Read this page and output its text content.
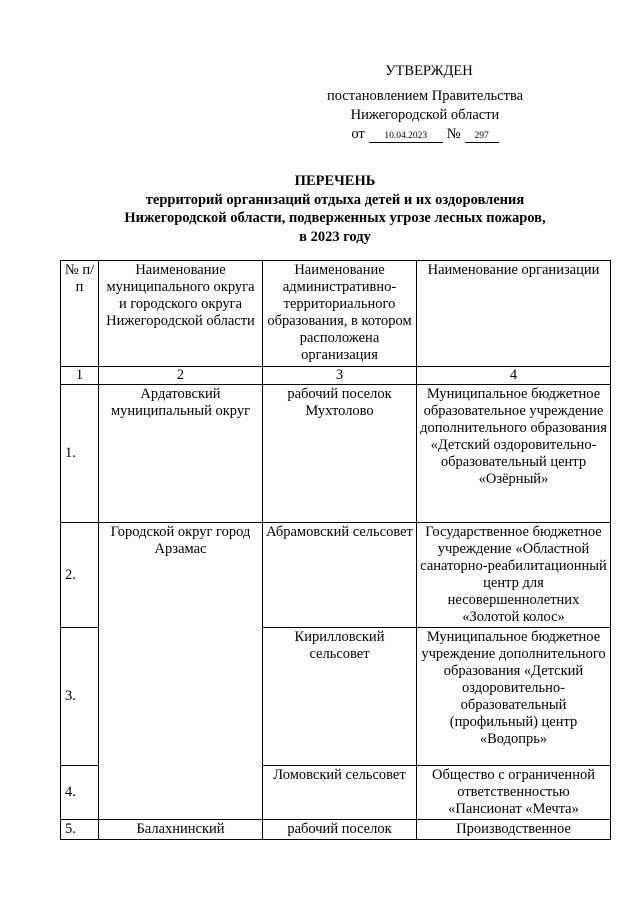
УТВЕРЖДЕН
постановлением Правительства
Нижегородской области
от	10.04.2023	№	297
ПЕРЕЧЕНЬ
территорий организаций отдыха детей и их оздоровления
Нижегородской области, подверженных угрозе лесных пожаров,
в 2023 году
№ п/п	Наименование муниципального округа и городского округа Нижегородской области	Наименование административно-территориального образования, в котором расположена организация	Наименование организации
1	2	3	4
1.	Ардатовский муниципальный округ	рабочий поселок Мухтолово	Муниципальное бюджетное образовательное учреждение дополнительного образования «Детский оздоровительно-образовательный центр «Озёрный»
2.	Городской округ город Арзамас	Абрамовский сельсовет	Государственное бюджетное учреждение «Областной санаторно-реабилитационный центр для несовершеннолетних «Золотой колос»
3.		Кирилловский сельсовет	Муниципальное бюджетное учреждение дополнительного образования «Детский оздоровительно-образовательный (профильный) центр «Водопрь»
4.		Ломовский сельсовет	Общество с ограниченной ответственностью «Пансионат «Мечта»
5.	Балахнинский	рабочий поселок	Производственное
